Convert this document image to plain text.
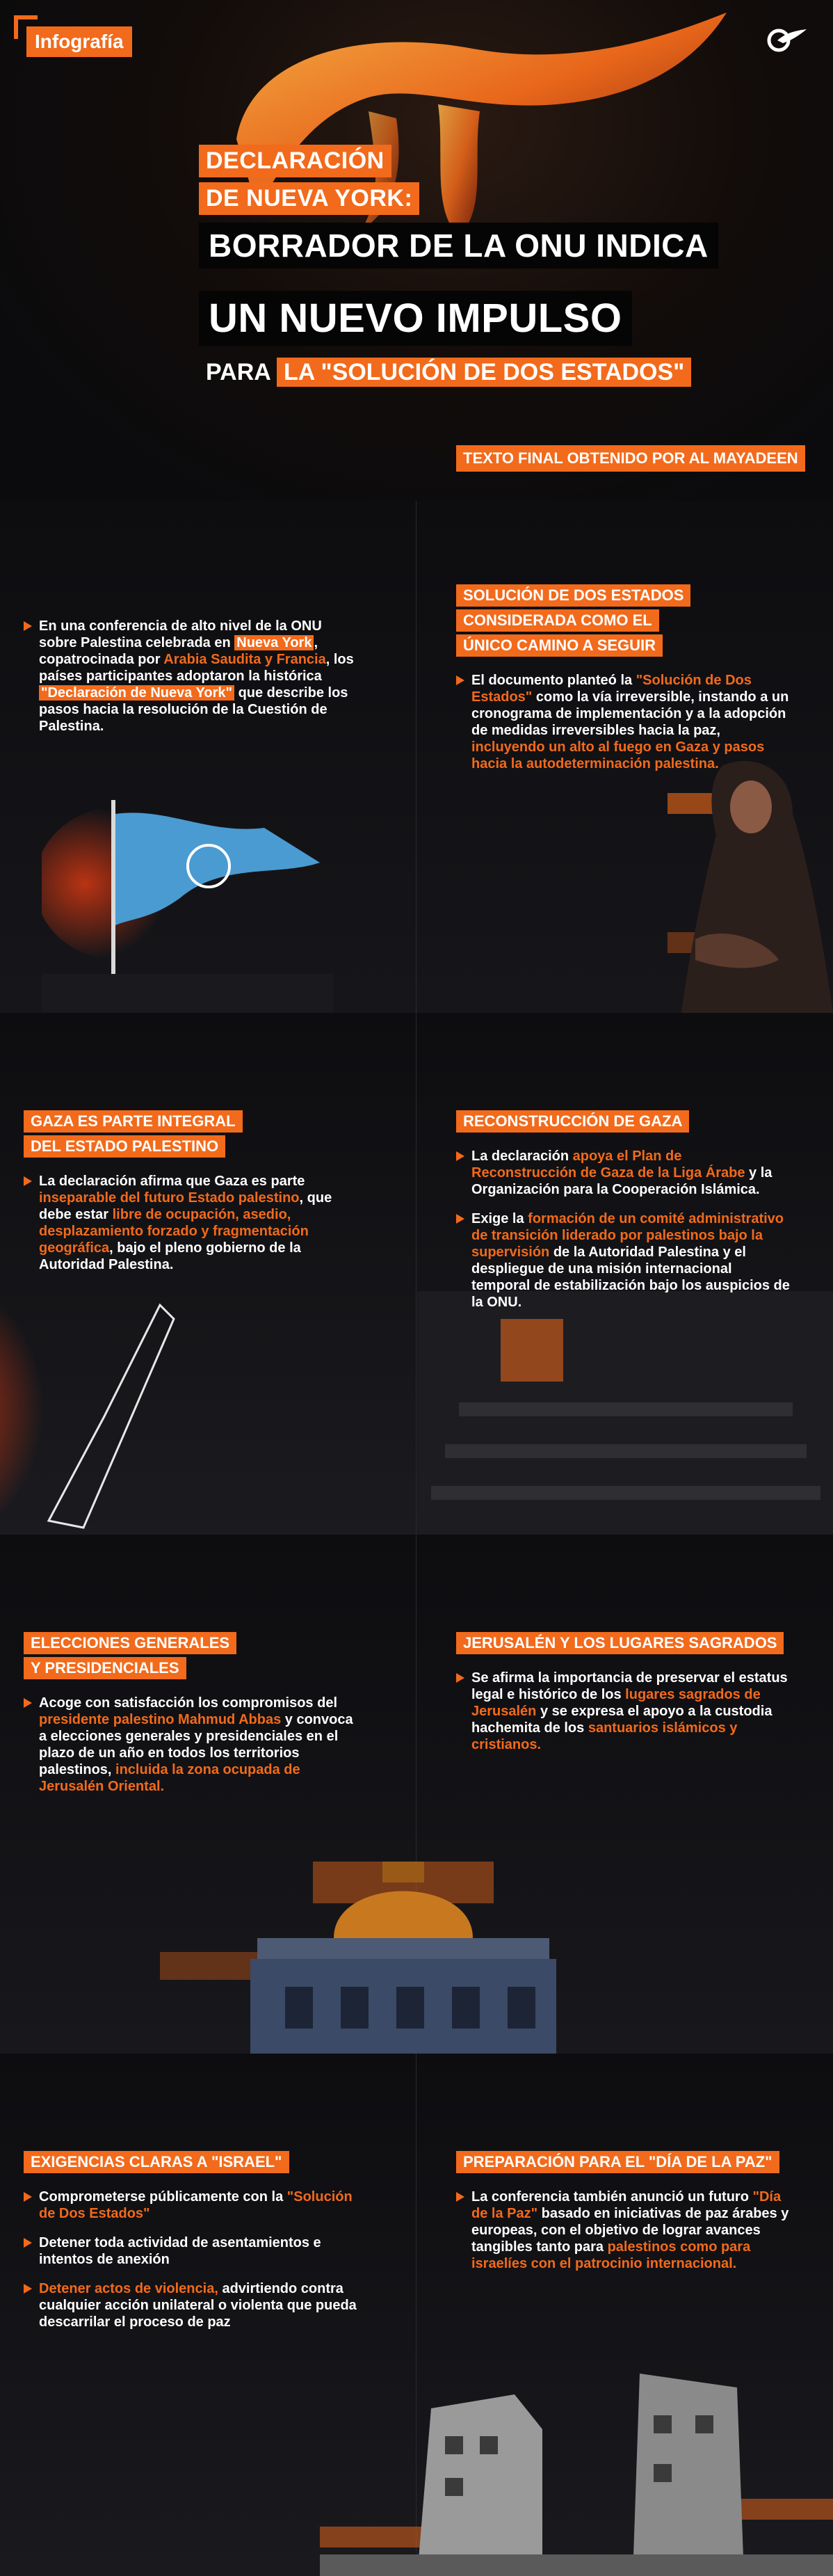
Infografía
DECLARACIÓN
DE NUEVA YORK:
BORRADOR DE LA ONU INDICA
UN NUEVO IMPULSO
PARA LA "SOLUCIÓN DE DOS ESTADOS"
TEXTO FINAL OBTENIDO POR AL MAYADEEN
En una conferencia de alto nivel de la ONU sobre Palestina celebrada en Nueva York , copatrocinada por Arabia Saudita y Francia, los países participantes adoptaron la histórica "Declaración de Nueva York" que describe los pasos hacia la resolución de la Cuestión de Palestina.
SOLUCIÓN DE DOS ESTADOS
CONSIDERADA COMO EL
ÚNICO CAMINO A SEGUIR
El documento planteó la "Solución de Dos Estados" como la vía irreversible, instando a un cronograma de implementación y a la adopción de medidas irreversibles hacia la paz, incluyendo un alto al fuego en Gaza y pasos hacia la autodeterminación palestina.
GAZA ES PARTE INTEGRAL
DEL ESTADO PALESTINO
La declaración afirma que Gaza es parte inseparable del futuro Estado palestino, que debe estar libre de ocupación, asedio, desplazamiento forzado y fragmentación geográfica, bajo el pleno gobierno de la Autoridad Palestina.
RECONSTRUCCIÓN DE GAZA
La declaración apoya el Plan de Reconstrucción de Gaza de la Liga Árabe y la Organización para la Cooperación Islámica.
Exige la formación de un comité administrativo de transición liderado por palestinos bajo la supervisión de la Autoridad Palestina y el despliegue de una misión internacional temporal de estabilización bajo los auspicios de la ONU.
ELECCIONES GENERALES
Y PRESIDENCIALES
Acoge con satisfacción los compromisos del presidente palestino Mahmud Abbas y convoca a elecciones generales y presidenciales en el plazo de un año en todos los territorios palestinos, incluida la zona ocupada de Jerusalén Oriental.
JERUSALÉN Y LOS LUGARES SAGRADOS
Se afirma la importancia de preservar el estatus legal e histórico de los lugares sagrados de Jerusalén y se expresa el apoyo a la custodia hachemita de los santuarios islámicos y cristianos.
EXIGENCIAS CLARAS A "ISRAEL"
Comprometerse públicamente con la "Solución de Dos Estados"
Detener toda actividad de asentamientos e intentos de anexión
Detener actos de violencia, advirtiendo contra cualquier acción unilateral o violenta que pueda descarrilar el proceso de paz
PREPARACIÓN PARA EL "DÍA DE LA PAZ"
La conferencia también anunció un futuro "Día de la Paz" basado en iniciativas de paz árabes y europeas, con el objetivo de lograr avances tangibles tanto para palestinos como para israelíes con el patrocinio internacional.
